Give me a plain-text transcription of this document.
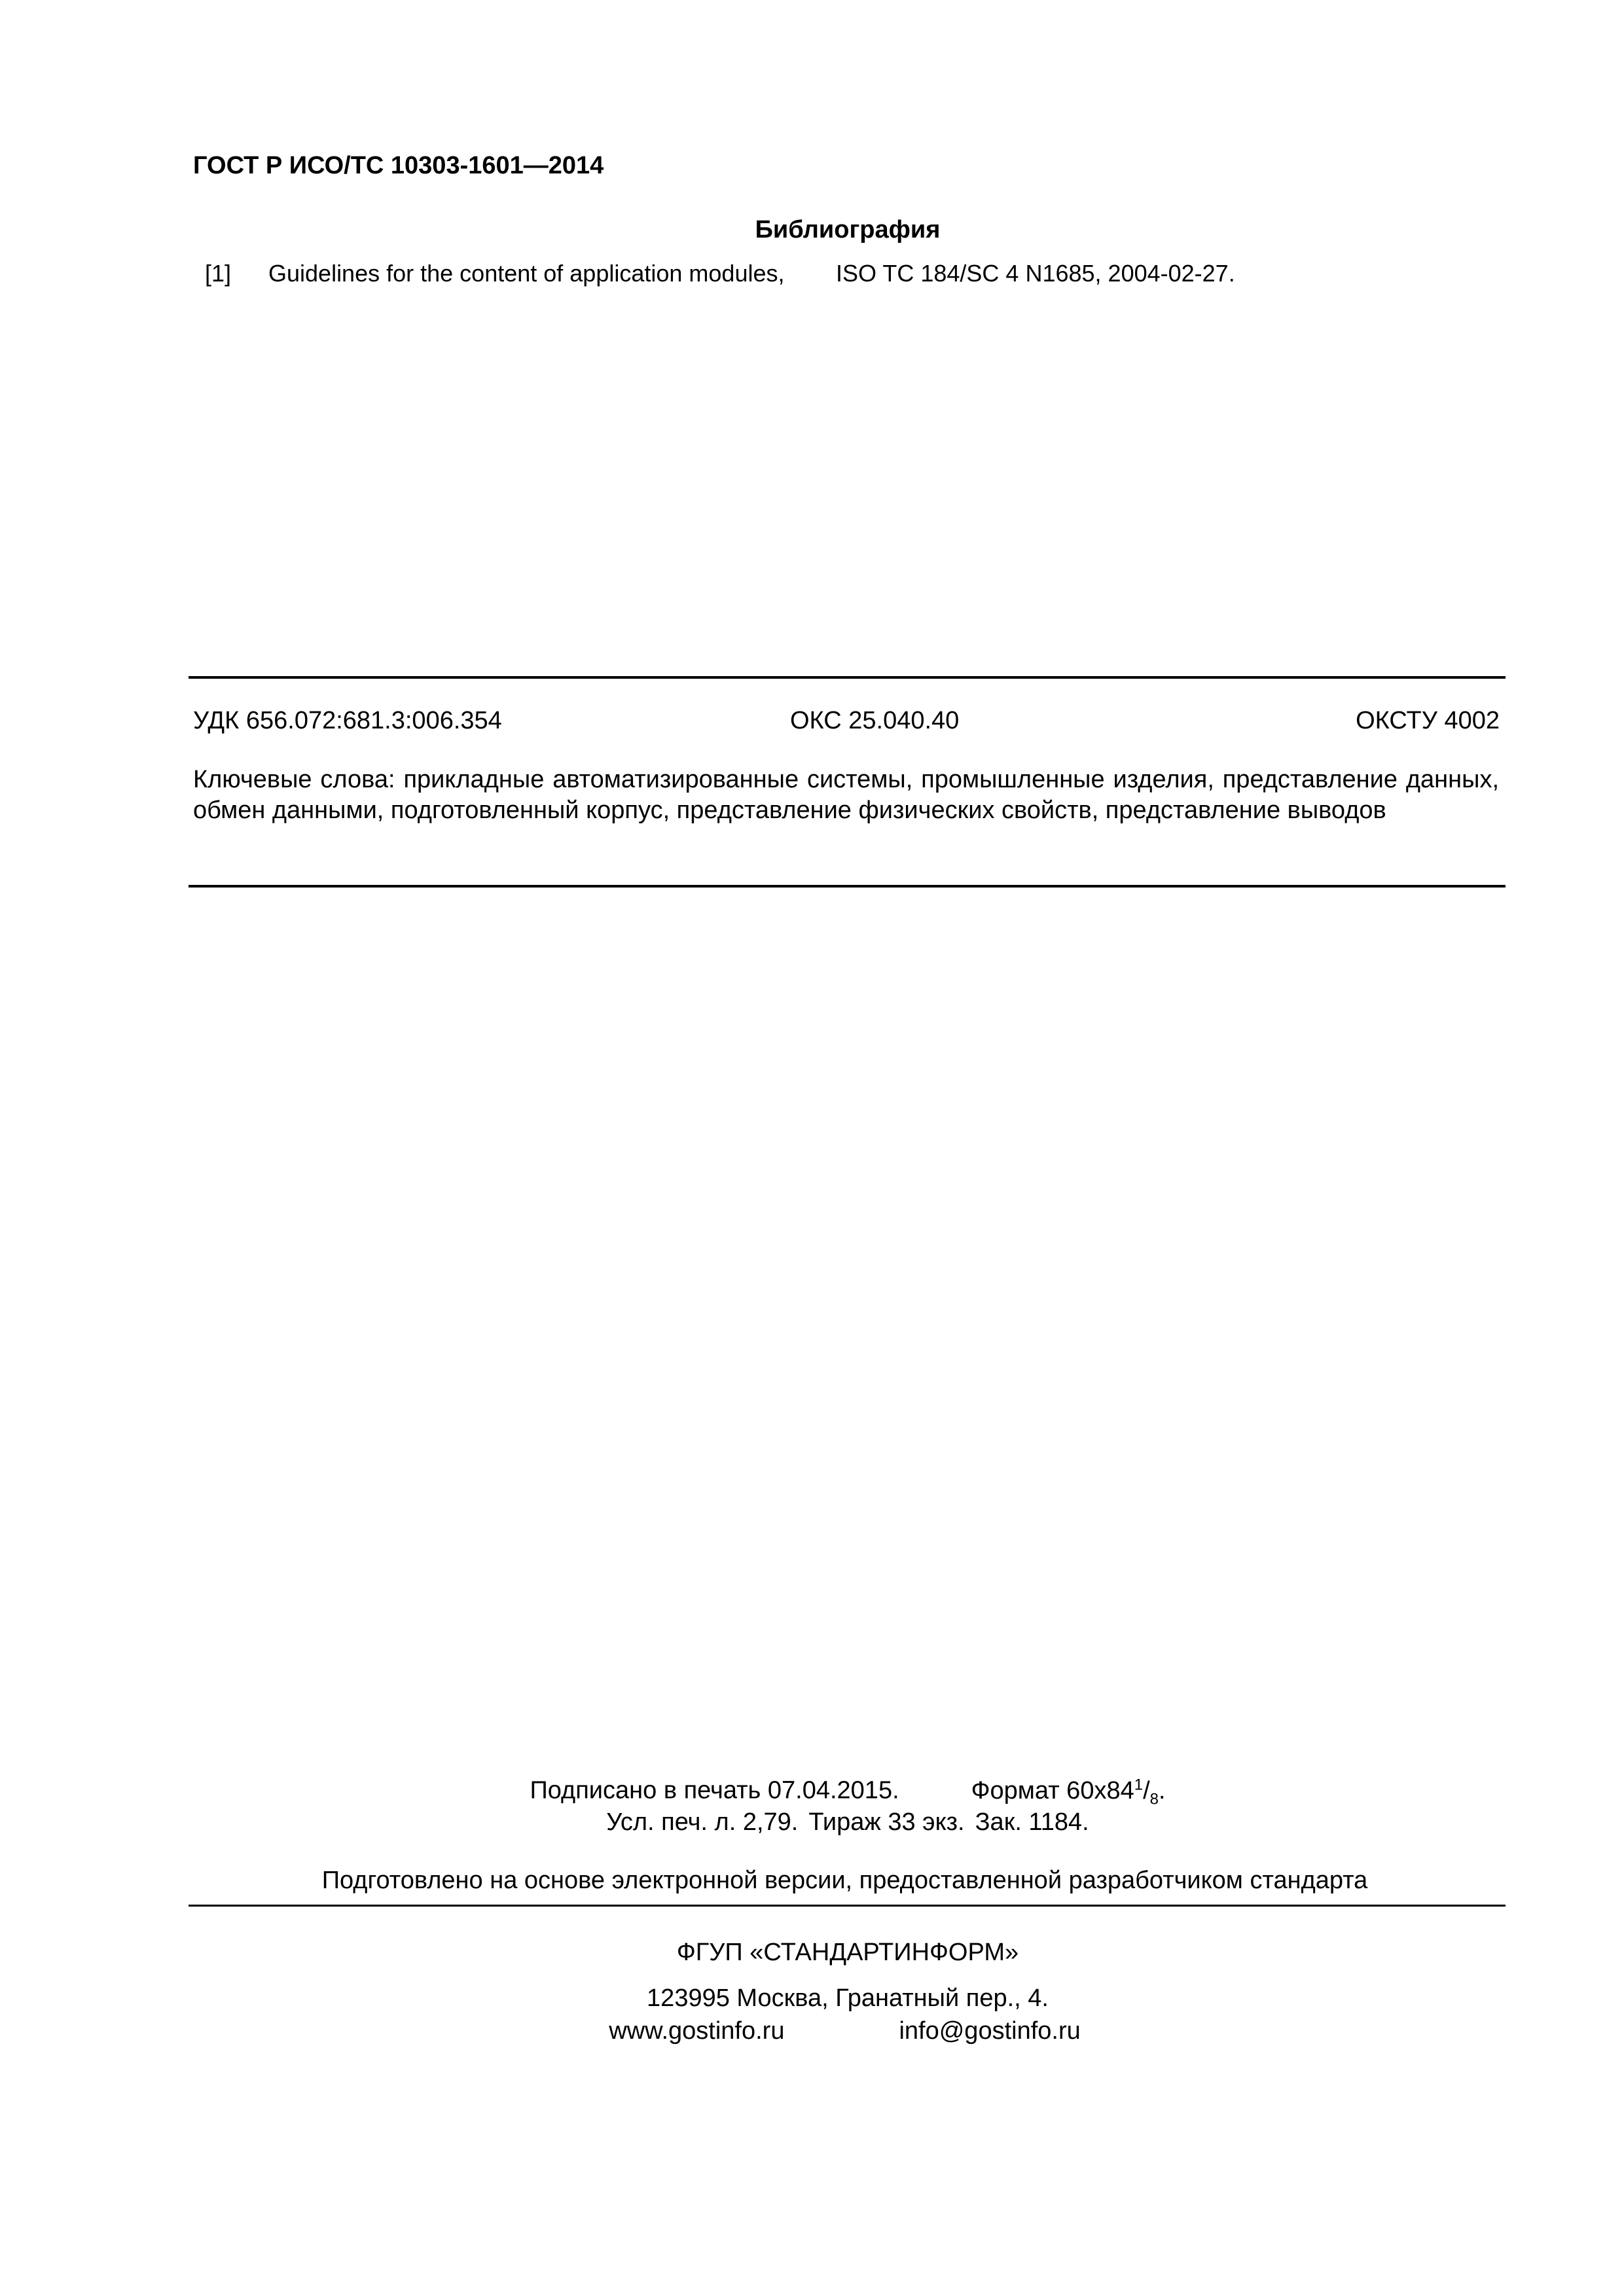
ГОСТ Р ИСО/ТС 10303-1601—2014
Библиография
[1] Guidelines for the content of application modules, ISO TC 184/SC 4 N1685, 2004-02-27.
УДК 656.072:681.3:006.354	ОКС 25.040.40	ОКСТУ 4002
Ключевые слова: прикладные автоматизированные системы, промышленные изделия, представление данных, обмен данными, подготовленный корпус, представление физических свойств, представление выводов
Подписано в печать 07.04.2015.	Формат $60х84^1/_8$.
Усл. печ. л. 2,79. Тираж 33 экз. Зак. 1184.
Подготовлено на основе электронной версии, предоставленной разработчиком стандарта
ФГУП «СТАНДАРТИНФОРМ»
123995 Москва, Гранатный пер., 4.
www.gostinfo.ru	info@gostinfo.ru
